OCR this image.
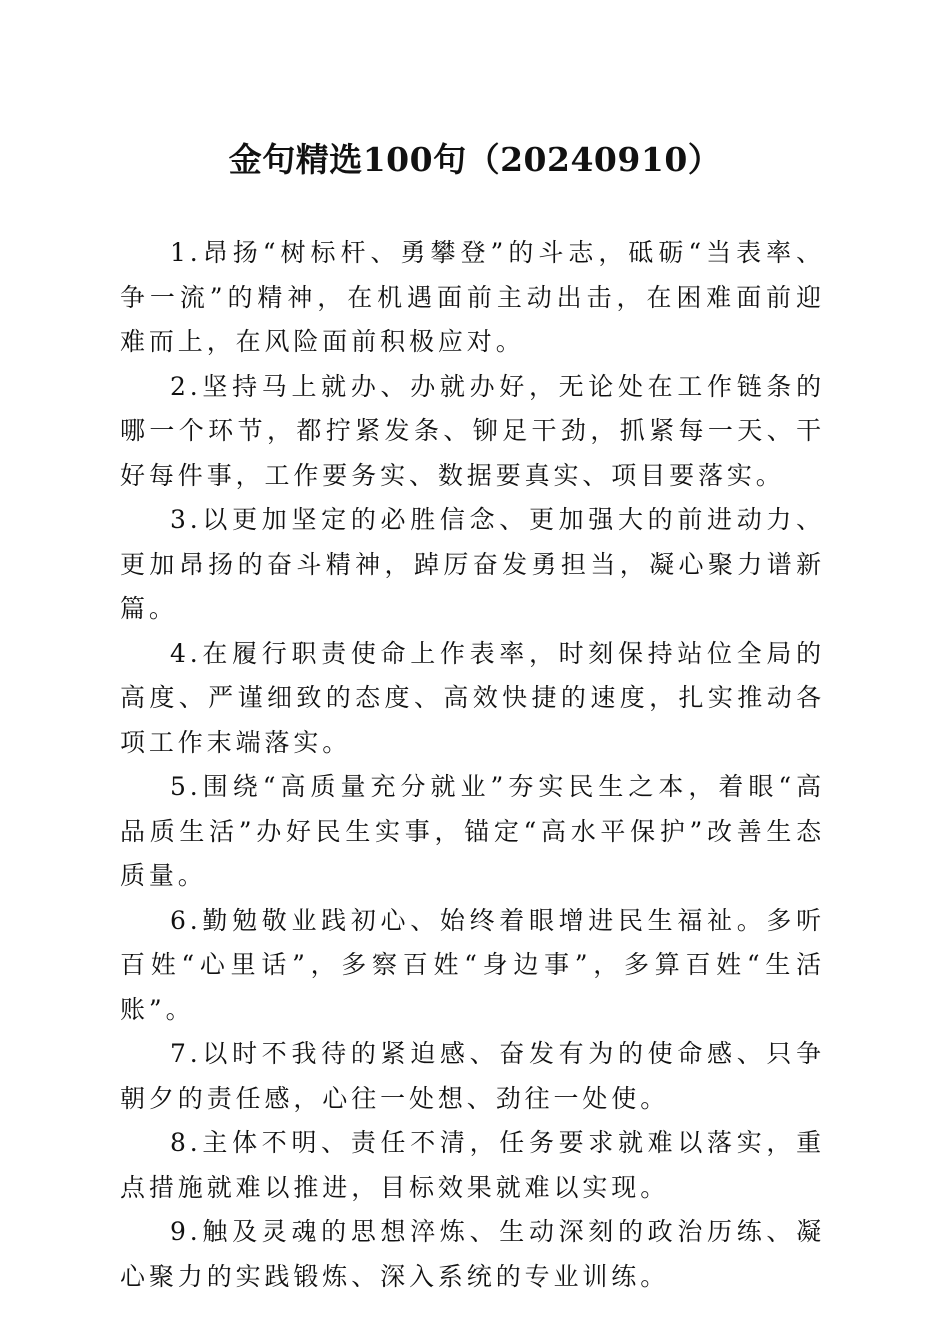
金句精选100句（20240910）

1.昂扬“树标杆、勇攀登”的斗志，砥砺“当表率、争一流”的精神，在机遇面前主动出击，在困难面前迎难而上，在风险面前积极应对。

2.坚持马上就办、办就办好，无论处在工作链条的哪一个环节，都拧紧发条、铆足干劲，抓紧每一天、干好每件事，工作要务实、数据要真实、项目要落实。

3.以更加坚定的必胜信念、更加强大的前进动力、更加昂扬的奋斗精神，踔厉奋发勇担当，凝心聚力谱新篇。

4.在履行职责使命上作表率，时刻保持站位全局的高度、严谨细致的态度、高效快捷的速度，扎实推动各项工作末端落实。

5.围绕“高质量充分就业”夯实民生之本，着眼“高品质生活”办好民生实事，锚定“高水平保护”改善生态质量。

6.勤勉敬业践初心、始终着眼增进民生福祉。多听百姓“心里话”，多察百姓“身边事”，多算百姓“生活账”。

7.以时不我待的紧迫感、奋发有为的使命感、只争朝夕的责任感，心往一处想、劲往一处使。

8.主体不明、责任不清，任务要求就难以落实，重点措施就难以推进，目标效果就难以实现。

9.触及灵魂的思想淬炼、生动深刻的政治历练、凝心聚力的实践锻炼、深入系统的专业训练。
